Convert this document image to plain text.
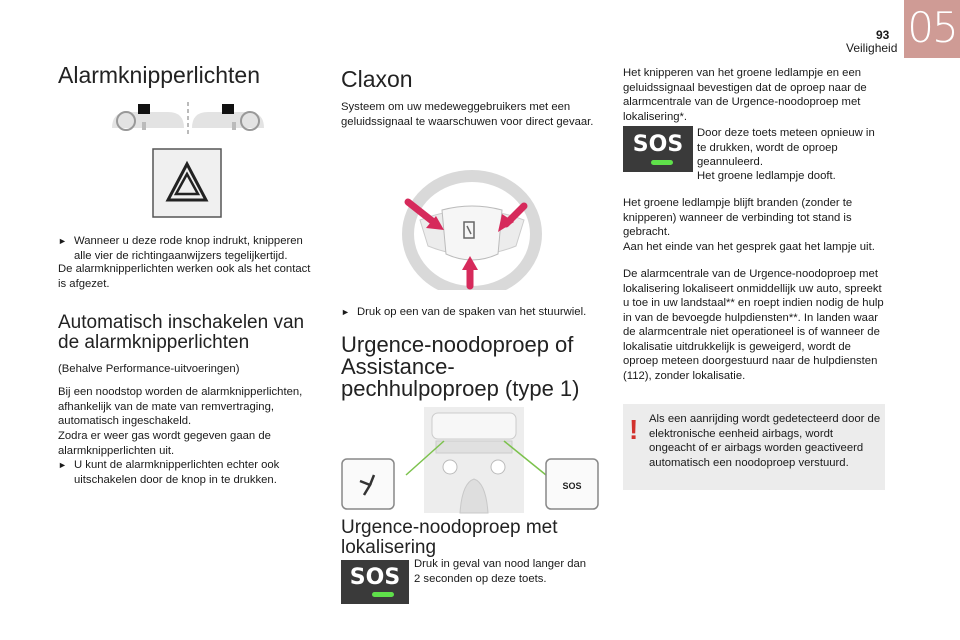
05
93
Veiligheid
Alarmknipperlichten
► Wanneer u deze rode knop indrukt, knipperen alle vier de richtingaanwijzers tegelijkertijd.

De alarmknipperlichten werken ook als het contact is afgezet.

Automatisch inschakelen van de alarmknipperlichten

(Behalve Performance-uitvoeringen)

Bij een noodstop worden de alarmknipperlichten, afhankelijk van de mate van remvertraging, automatisch ingeschakeld.

Zodra er weer gas wordt gegeven gaan de alarmknipperlichten uit.

► U kunt de alarmknipperlichten echter ook uitschakelen door de knop in te drukken.
Claxon

Systeem om uw medeweggebruikers met een geluidssignaal te waarschuwen voor direct gevaar.

► Druk op een van de spaken van het stuurwiel.
Urgence-noodoproep of Assistance-pechhulpoproep (type 1)
SOS
Urgence-noodoproep met lokalisering
SOS

Druk in geval van nood langer dan 2 seconden op deze toets.

Het knipperen van het groene ledlampje en een geluidssignaal bevestigen dat de oproep naar de alarmcentrale van de Urgence-noodoproep met lokalisering*.

SOS	Door deze toets meteen opnieuw in te drukken, wordt de oproep geannuleerd.

Het groene ledlampje dooft.

Het groene ledlampje blijft branden (zonder te knipperen) wanneer de verbinding tot stand is gebracht.

Aan het einde van het gesprek gaat het lampje uit.

De alarmcentrale van de Urgence-noodoproep met lokalisering lokaliseert onmiddellijk uw auto, spreekt u toe in uw landstaal** en roept indien nodig de hulp in van de bevoegde hulpdiensten**. In landen waar de alarmcentrale niet operationeel is of wanneer de lokalisatie uitdrukkelijk is geweigerd, wordt de oproep meteen doorgestuurd naar de hulpdiensten (112), zonder lokalisatie.

! Als een aanrijding wordt gedetecteerd door de elektronische eenheid airbags, wordt ongeacht of er airbags worden geactiveerd automatisch een noodoproep verstuurd.
